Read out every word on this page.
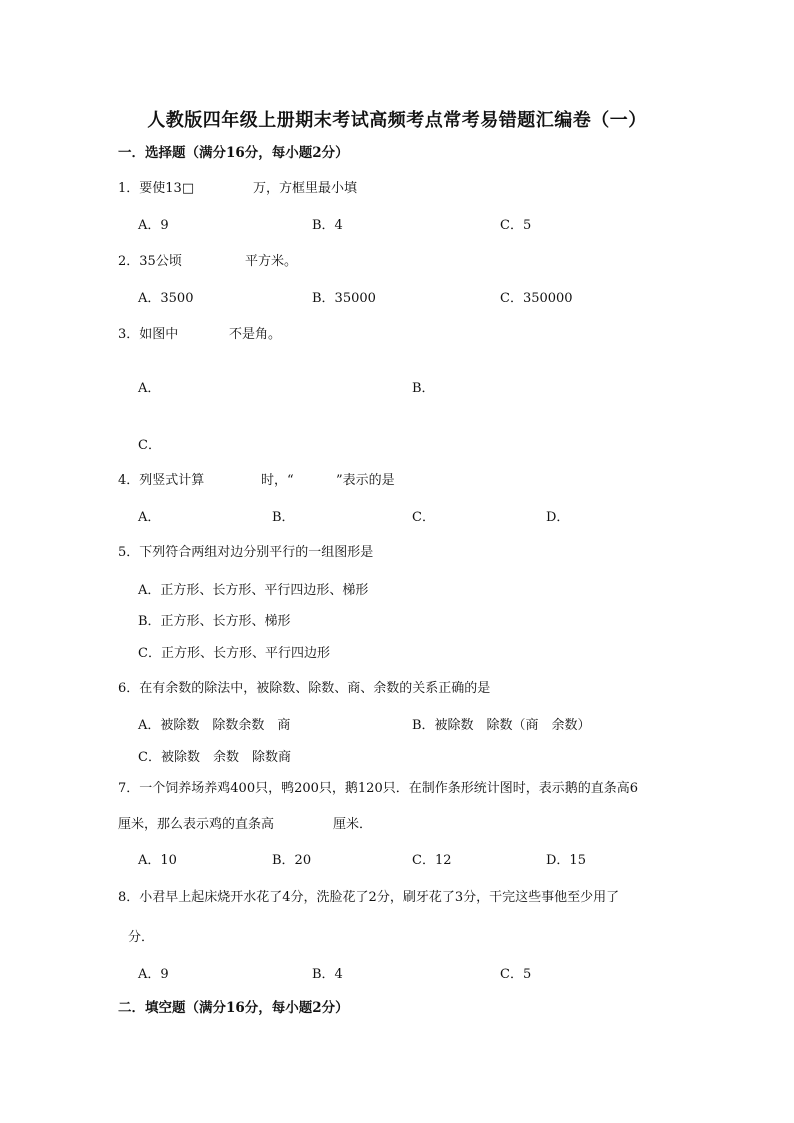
人教版四年级上册期末考试高频考点常考易错题汇编卷（一）
一．选择题（满分16分，每小题2分）
1．要使13□	万，方框里最小填
A．9	B．4	C．5
2．35公顷	平方米。
A．3500	B．35000	C．350000
3．如图中	不是角。
A．	B．
C．
4．列竖式计算	时，“	”表示的是
A．	B．	C．	D．
5．下列符合两组对边分别平行的一组图形是
A．正方形、长方形、平行四边形、梯形
B．正方形、长方形、梯形
C．正方形、长方形、平行四边形
6．在有余数的除法中，被除数、除数、商、余数的关系正确的是
A．被除数　除数余数　商	B．被除数　除数（商　余数）
C．被除数　余数　除数商
7．一个饲养场养鸡400只，鸭200只，鹅120只．在制作条形统计图时，表示鹅的直条高6
厘米，那么表示鸡的直条高	厘米．
A．10	B．20	C．12	D．15
8．小君早上起床烧开水花了4分，洗脸花了2分，刷牙花了3分，干完这些事他至少用了
分．
A．9	B．4	C．5
二．填空题（满分16分，每小题2分）
